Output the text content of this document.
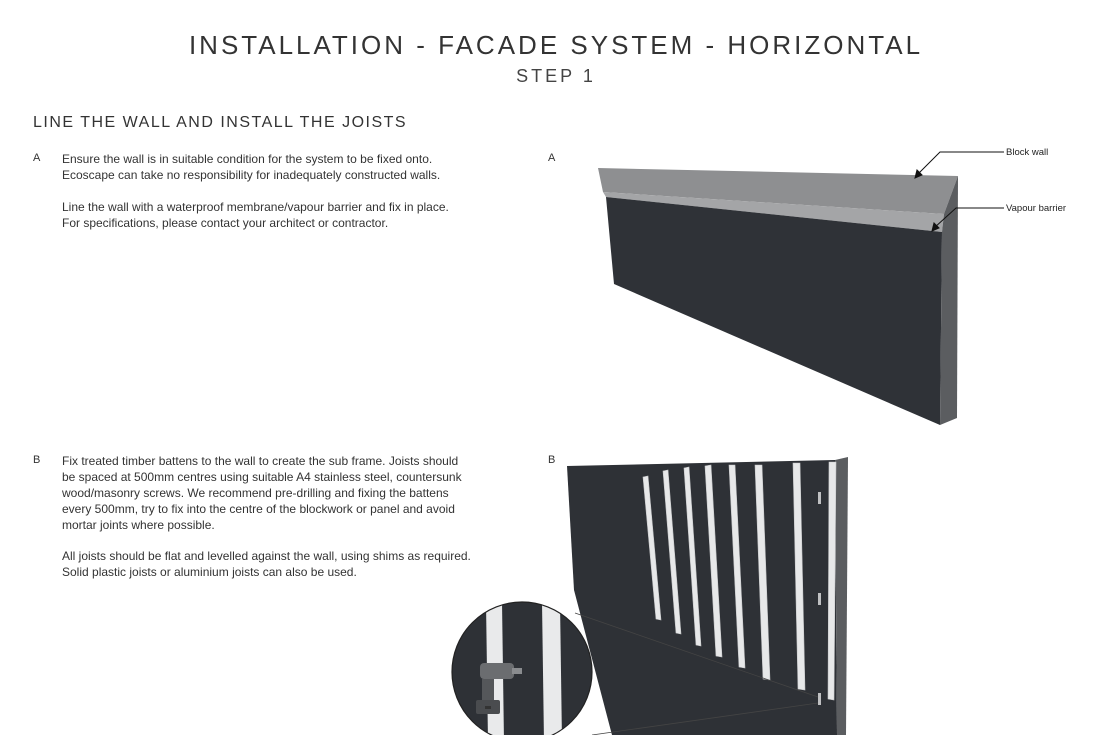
INSTALLATION - FACADE SYSTEM - HORIZONTAL
STEP 1
LINE THE WALL AND INSTALL THE JOISTS
A Ensure the wall is in suitable condition for the system to be fixed onto.
Ecoscape can take no responsibility for inadequately constructed walls.
Line the wall with a waterproof membrane/vapour barrier and fix in place.
For specifications, please contact your architect or contractor.
B Fix treated timber battens to the wall to create the sub frame. Joists should
be spaced at 500mm centres using suitable A4 stainless steel, countersunk
wood/masonry screws. We recommend pre-drilling and fixing the battens
every 500mm, try to fix into the centre of the blockwork or panel and avoid
mortar joints where possible.
All joists should be flat and levelled against the wall, using shims as required.
Solid plastic joists or aluminium joists can also be used.
A
B
Block wall
Vapour barrier
